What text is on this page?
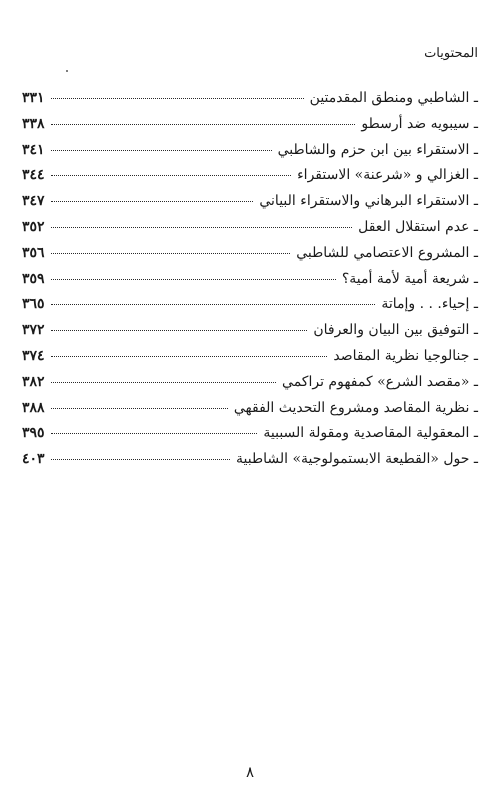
المحتويات
ـ الشاطبي ومنطق المقدمتين
٣٣١
ـ سيبويه ضد أرسطو
٣٣٨
ـ الاستقراء بين ابن حزم والشاطبي
٣٤١
ـ الغزالي و «شرعنة» الاستقراء
٣٤٤
ـ الاستقراء البرهاني والاستقراء البياني
٣٤٧
ـ عدم استقلال العقل
٣٥٢
ـ المشروع الاعتصامي للشاطبي
٣٥٦
ـ شريعة أمية لأمة أمية؟
٣٥٩
ـ إحياء. . . وإماتة
٣٦٥
ـ التوفيق بين البيان والعرفان
٣٧٢
ـ جنالوجيا نظرية المقاصد
٣٧٤
ـ «مقصد الشرع» كمفهوم تراكمي
٣٨٢
ـ نظرية المقاصد ومشروع التحديث الفقهي
٣٨٨
ـ المعقولية المقاصدية ومقولة السببية
٣٩٥
ـ حول «القطيعة الابستمولوجية» الشاطبية
٤٠٣
٨
